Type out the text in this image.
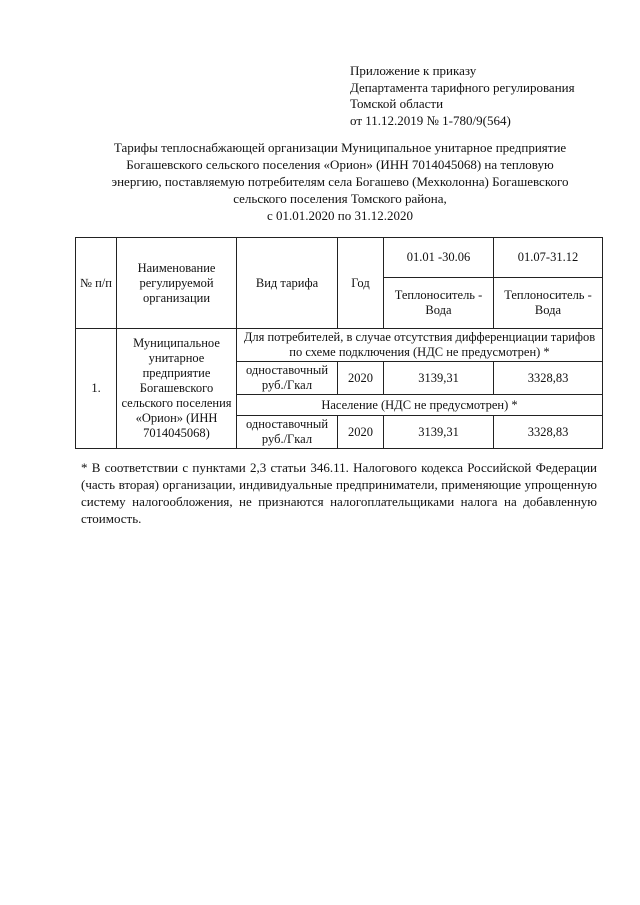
Приложение к приказу
Департамента тарифного регулирования
Томской области
от 11.12.2019 № 1-780/9(564)
Тарифы теплоснабжающей организации Муниципальное унитарное предприятие
Богашевского сельского поселения «Орион» (ИНН 7014045068) на тепловую
энергию, поставляемую потребителям села Богашево (Мехколонна) Богашевского
сельского поселения Томского района,
с 01.01.2020 по 31.12.2020
№ п/п	Наименование регулируемой организации	Вид тарифа	Год	01.01 -30.06	01.07-31.12
				Теплоноситель - Вода	Теплоноситель - Вода
1.	Муниципальное унитарное предприятие Богашевского сельского поселения «Орион» (ИНН 7014045068)	Для потребителей, в случае отсутствия дифференциации тарифов по схеме подключения (НДС не предусмотрен) *			
		одноставочный руб./Гкал	2020	3139,31	3328,83
		Население (НДС не предусмотрен) *			
		одноставочный руб./Гкал	2020	3139,31	3328,83
* В соответствии с пунктами 2,3 статьи 346.11. Налогового кодекса Российской Федерации (часть вторая) организации, индивидуальные предприниматели, применяющие упрощенную систему налогообложения, не признаются налогоплательщиками налога на добавленную стоимость.
